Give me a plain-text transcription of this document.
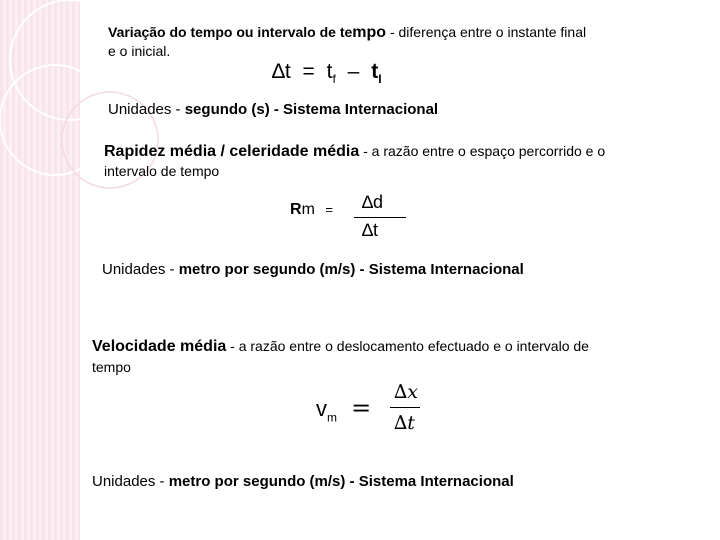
Variação do tempo ou intervalo de tempo - diferença entre o instante final
e o inicial.
$\Delta t = t_f - t_I$
Unidades - segundo (s) - Sistema Internacional
Rapidez média / celeridade média - a razão entre o espaço percorrido e o
intervalo de tempo
Rm = ∆d
∆t
Unidades - metro por segundo (m/s) - Sistema Internacional
Velocidade média - a razão entre o deslocamento efectuado e o intervalo de
tempo
$v_m$ =
∆x
∆t
Unidades - metro por segundo (m/s) - Sistema Internacional
